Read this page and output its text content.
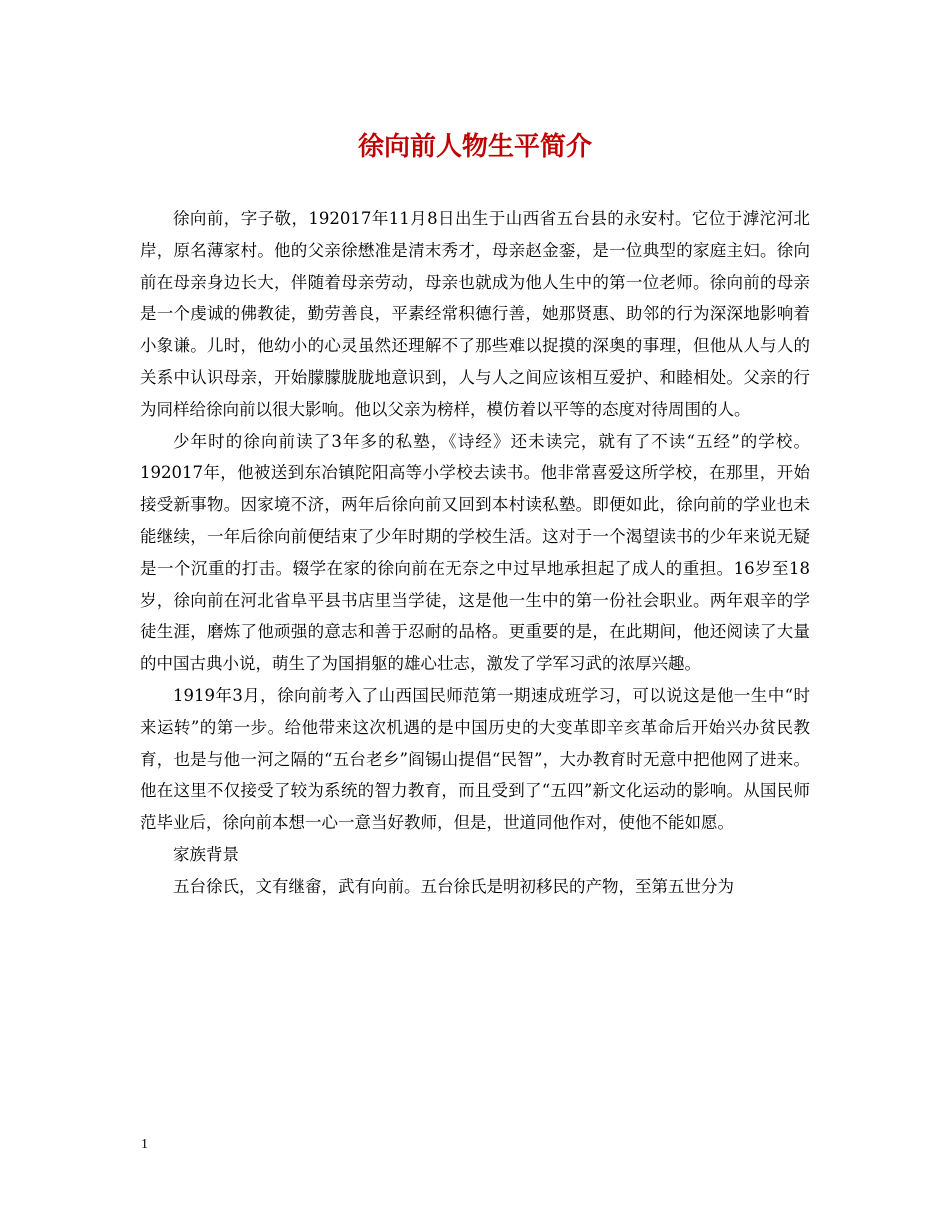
徐向前人物生平简介

徐向前，字子敬，192017年11月8日出生于山西省五台县的永安村。它位于滹沱河北岸，原名薄家村。他的父亲徐懋准是清末秀才，母亲赵金銮，是一位典型的家庭主妇。徐向前在母亲身边长大，伴随着母亲劳动，母亲也就成为他人生中的第一位老师。徐向前的母亲是一个虔诚的佛教徒，勤劳善良，平素经常积德行善，她那贤惠、助邻的行为深深地影响着小象谦。儿时，他幼小的心灵虽然还理解不了那些难以捉摸的深奥的事理，但他从人与人的关系中认识母亲，开始朦朦胧胧地意识到，人与人之间应该相互爱护、和睦相处。父亲的行为同样给徐向前以很大影响。他以父亲为榜样，模仿着以平等的态度对待周围的人。

少年时的徐向前读了3年多的私塾，《诗经》还未读完，就有了不读“五经”的学校。192017年，他被送到东冶镇陀阳高等小学校去读书。他非常喜爱这所学校，在那里，开始接受新事物。因家境不济，两年后徐向前又回到本村读私塾。即便如此，徐向前的学业也未能继续，一年后徐向前便结束了少年时期的学校生活。这对于一个渴望读书的少年来说无疑是一个沉重的打击。辍学在家的徐向前在无奈之中过早地承担起了成人的重担。16岁至18岁，徐向前在河北省阜平县书店里当学徒，这是他一生中的第一份社会职业。两年艰辛的学徒生涯，磨炼了他顽强的意志和善于忍耐的品格。更重要的是，在此期间，他还阅读了大量的中国古典小说，萌生了为国捐躯的雄心壮志，激发了学军习武的浓厚兴趣。

1919年3月，徐向前考入了山西国民师范第一期速成班学习，可以说这是他一生中“时来运转”的第一步。给他带来这次机遇的是中国历史的大变革即辛亥革命后开始兴办贫民教育，也是与他一河之隔的“五台老乡”阎锡山提倡“民智”，大办教育时无意中把他网了进来。他在这里不仅接受了较为系统的智力教育，而且受到了“五四”新文化运动的影响。从国民师范毕业后，徐向前本想一心一意当好教师，但是，世道同他作对，使他不能如愿。

家族背景

五台徐氏，文有继畲，武有向前。五台徐氏是明初移民的产物，至第五世分为

1
